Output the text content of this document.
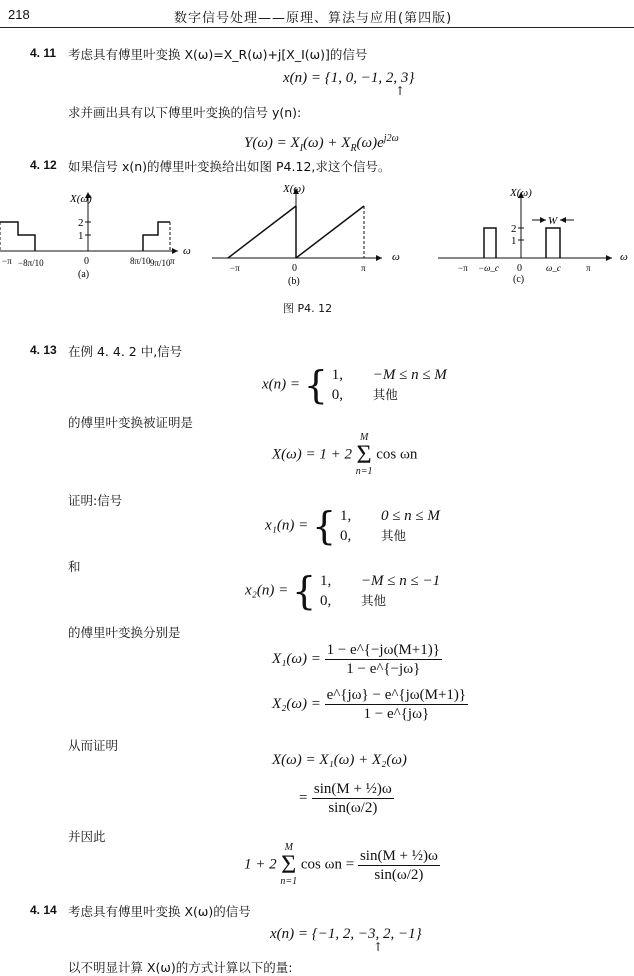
218	数字信号处理——原理、算法与应用(第四版)
4. 11 考虑具有傅里叶变换 X(ω)=X_R(ω)+j[X_I(ω)]的信号
x(n) = {1, 0, −1, 2, 3}
↑
求并画出具有以下傅里叶变换的信号 y(n):
$Y(\omega) = X_I(\omega) + X_R(\omega)e^{j2\omega}$
4. 12 如果信号 x(n)的傅里叶变换给出如图 P4.12,求这个信号。
X(ω)
2
1
ω
−π −8π/10	0	8π/10 9π/10 π
(a)
X(ω)
ω
−π	0	π
(b)
X(ω)
2
1
W
ω
−π −ω_c 0	ω_c	π
(c)
图 P4. 12
4. 13 在例 4. 4. 2 中,信号
x(n) = { 1,
0, −M ≤ n ≤ M
其他
的傅里叶变换被证明是
X(ω) = 1 + 2
M
Σ
n=1
cos ωn
证明:信号
x₁(n) = { 1,
0, 0 ≤ n ≤ M
其他
和
x₂(n) = { 1,
0, −M ≤ n ≤ −1
其他
的傅里叶变换分别是
$X_1(\omega) = \frac{1 - e\^{}\{-j\omega(M+1)\}}{1 - e\^{}\{-j\omega\}}$
$X_2(\omega) = \frac{e\^{}\{j\omega\} - e\^{}\{j\omega(M+1)\}}{1 - e\^{}\{j\omega\}}$
从而证明
X(ω) = X₁(ω) + X₂(ω)
= $\frac{\text{sin(M + ½)ω}}{\sin(\omega/2)}$
并因此
1 + 2
M
Σ
n=1
$\cos \omega n = \frac{\text{sin(M + ½)ω}}{\sin(\omega/2)}$
4. 14 考虑具有傅里叶变换 X(ω)的信号
x(n) = {−1, 2, −3, 2, −1}
↑
以不明显计算 X(ω)的方式计算以下的量:
